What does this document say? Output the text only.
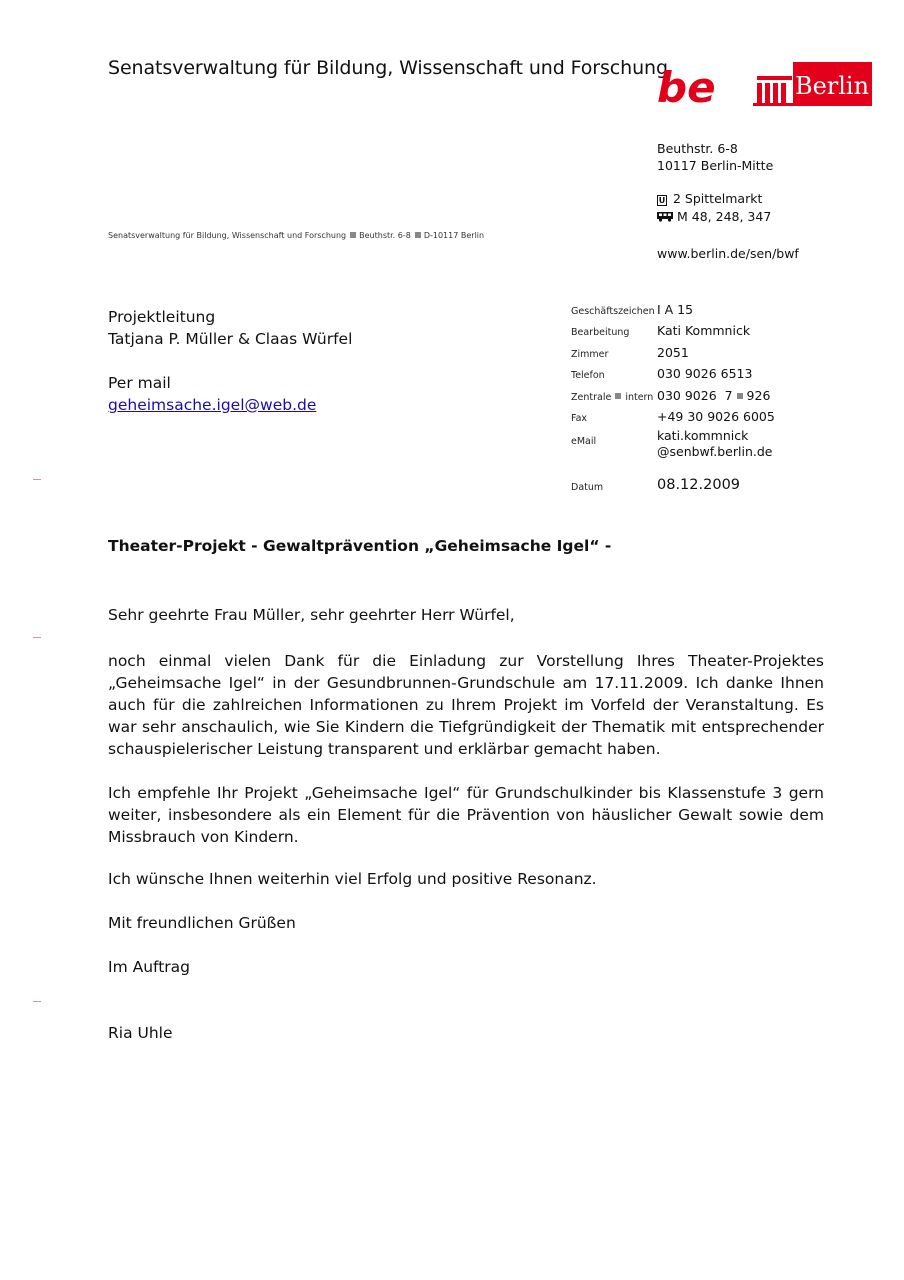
Senatsverwaltung für Bildung, Wissenschaft und Forschung
be	Berlin
Beuthstr. 6-8
10117 Berlin-Mitte
U 2 Spittelmarkt
M 48, 248, 347
www.berlin.de/sen/bwf
Senatsverwaltung für Bildung, Wissenschaft und Forschung Beuthstr. 6-8 D-10117 Berlin
Projektleitung
Tatjana P. Müller & Claas Würfel
Per mail
geheimsache.igel@web.de
Geschäftszeichen I A 15
Bearbeitung Kati Kommnick
Zimmer	2051
Telefon	030 9026 6513
Zentrale intern 030 9026  7 926
Fax	+49 30 9026 6005
eMail	kati.kommnick
@senbwf.berlin.de
Datum	08.12.2009
Theater-Projekt - Gewaltprävention „Geheimsache Igel“ -
Sehr geehrte Frau Müller, sehr geehrter Herr Würfel,
noch einmal vielen Dank für die Einladung zur Vorstellung Ihres Theater-Projektes „Geheimsache Igel“ in der Gesundbrunnen-Grundschule am 17.11.2009. Ich danke Ihnen auch für die zahlreichen Informationen zu Ihrem Projekt im Vorfeld der Veranstaltung. Es war sehr anschaulich, wie Sie Kindern die Tiefgründigkeit der Thematik mit entsprechender schauspielerischer Leistung transparent und erklärbar gemacht haben.
Ich empfehle Ihr Projekt „Geheimsache Igel“ für Grundschulkinder bis Klassenstufe 3 gern weiter, insbesondere als ein Element für die Prävention von häuslicher Gewalt sowie dem Missbrauch von Kindern.
Ich wünsche Ihnen weiterhin viel Erfolg und positive Resonanz.
Mit freundlichen Grüßen
Im Auftrag
Ria Uhle
